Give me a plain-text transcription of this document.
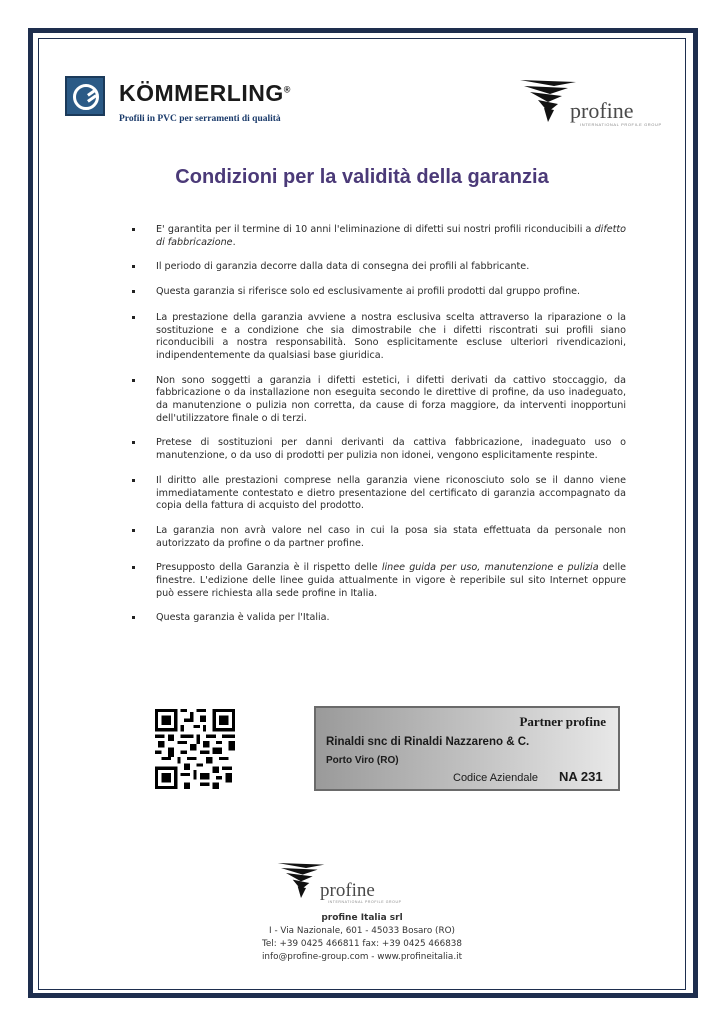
KÖMMERLING®
Profili in PVC per serramenti di qualità	profine
INTERNATIONAL PROFILE GROUP
Condizioni per la validità della garanzia
E' garantita per il termine di 10 anni l'eliminazione di difetti sui nostri profili riconducibili a difetto di fabbricazione.
Il periodo di garanzia decorre dalla data di consegna dei profili al fabbricante.
Questa garanzia si riferisce solo ed esclusivamente ai profili prodotti dal gruppo profine.
La prestazione della garanzia avviene a nostra esclusiva scelta attraverso la riparazione o la sostituzione e a condizione che sia dimostrabile che i difetti riscontrati sui profili siano riconducibili a nostra responsabilità. Sono esplicitamente escluse ulteriori rivendicazioni, indipendentemente da qualsiasi base giuridica.
Non sono soggetti a garanzia i difetti estetici, i difetti derivati da cattivo stoccaggio, da fabbricazione o da installazione non eseguita secondo le direttive di profine, da uso inadeguato, da manutenzione o pulizia non corretta, da cause di forza maggiore, da interventi inopportuni dell'utilizzatore finale o di terzi.
Pretese di sostituzioni per danni derivanti da cattiva fabbricazione, inadeguato uso o manutenzione, o da uso di prodotti per pulizia non idonei, vengono esplicitamente respinte.
Il diritto alle prestazioni comprese nella garanzia viene riconosciuto solo se il danno viene immediatamente contestato e dietro presentazione del certificato di garanzia accompagnato da copia della fattura di acquisto del prodotto.
La garanzia non avrà valore nel caso in cui la posa sia stata effettuata da personale non autorizzato da profine o da partner profine.
Presupposto della Garanzia è il rispetto delle linee guida per uso, manutenzione e pulizia delle finestre. L'edizione delle linee guida attualmente in vigore è reperibile sul sito Internet oppure può essere richiesta alla sede profine in Italia.
Questa garanzia è valida per l'Italia.
Partner profine
Rinaldi snc di Rinaldi Nazzareno & C.
Porto Viro (RO)
Codice Aziendale NA 231
profine
INTERNATIONAL PROFILE GROUP
profine Italia srl
I - Via Nazionale, 601 - 45033 Bosaro (RO)
Tel: +39 0425 466811 fax: +39 0425 466838
info@profine-group.com - www.profineitalia.it
